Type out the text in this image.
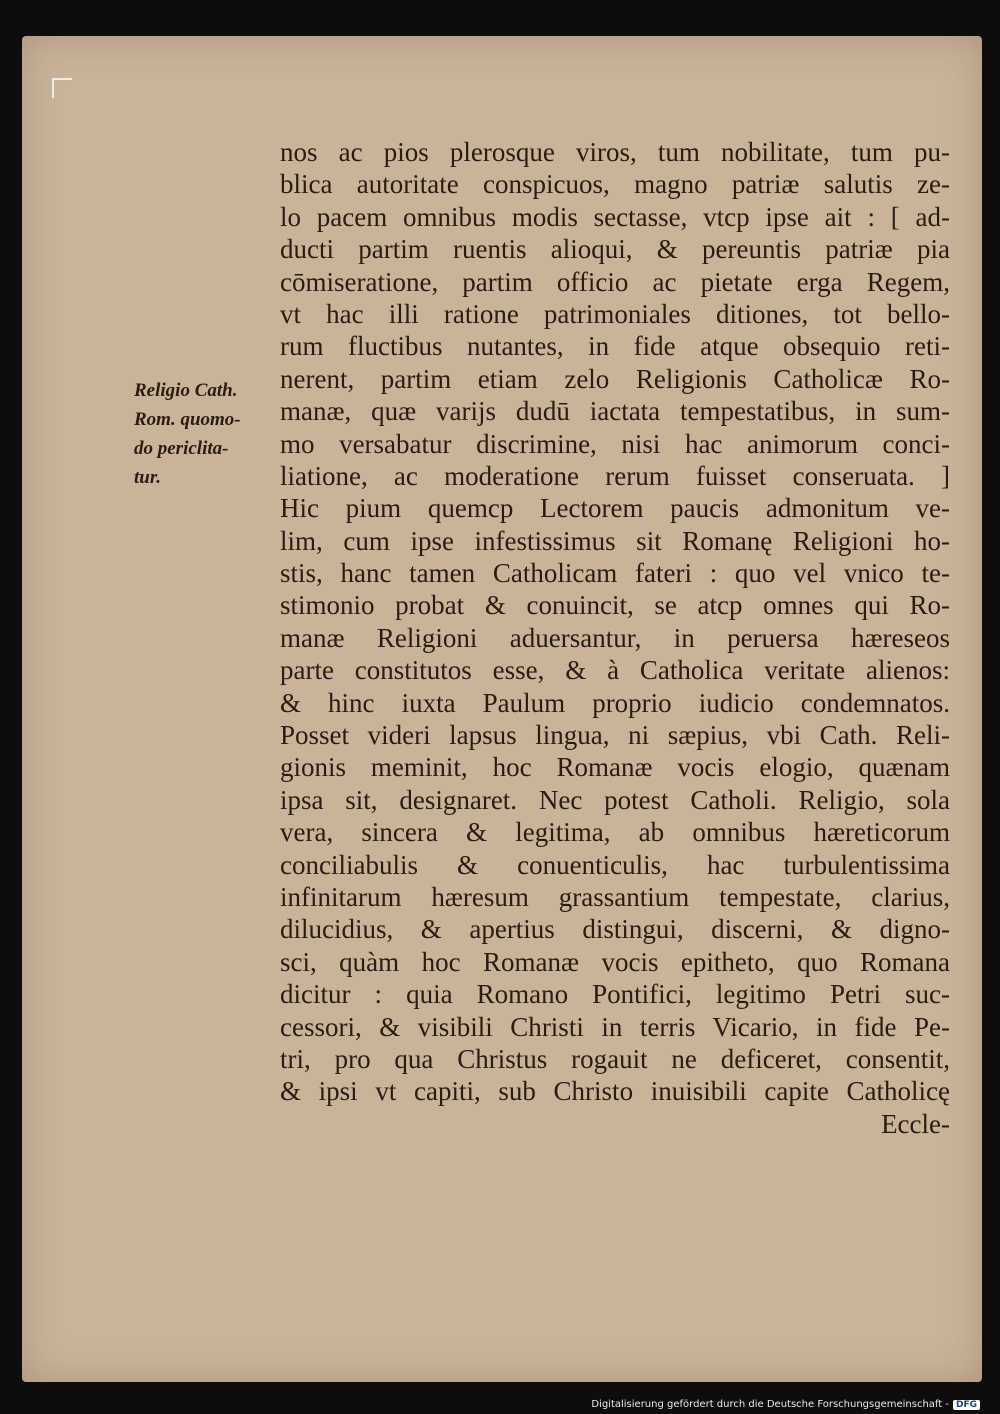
Religio Cath.
Rom. quomo-
do periclita-
tur.
nos ac pios plerosque viros, tum nobilitate, tum pu-
blica autoritate conspicuos, magno patriæ salutis ze-
lo pacem omnibus modis sectasse, vtcp ipse ait : [ ad-
ducti partim ruentis alioqui, & pereuntis patriæ pia
cōmiseratione, partim officio ac pietate erga Regem,
vt hac illi ratione patrimoniales ditiones, tot bello-
rum fluctibus nutantes, in fide atque obsequio reti-
nerent, partim etiam zelo Religionis Catholicæ Ro-
manæ, quæ varijs dudū iactata tempestatibus, in sum-
mo versabatur discrimine, nisi hac animorum conci-
liatione, ac moderatione rerum fuisset conseruata. ]
Hic pium quemcp Lectorem paucis admonitum ve-
lim, cum ipse infestissimus sit Romanę Religioni ho-
stis, hanc tamen Catholicam fateri : quo vel vnico te-
stimonio probat & conuincit, se atcp omnes qui Ro-
manæ Religioni aduersantur, in peruersa hæreseos
parte constitutos esse, & à Catholica veritate alienos:
& hinc iuxta Paulum proprio iudicio condemnatos.
Posset videri lapsus lingua, ni sæpius, vbi Cath. Reli-
gionis meminit, hoc Romanæ vocis elogio, quænam
ipsa sit, designaret. Nec potest Catholi. Religio, sola
vera, sincera & legitima, ab omnibus hæreticorum
conciliabulis & conuenticulis, hac turbulentissima
infinitarum hæresum grassantium tempestate, clarius,
dilucidius, & apertius distingui, discerni, & digno-
sci, quàm hoc Romanæ vocis epitheto, quo Romana
dicitur : quia Romano Pontifici, legitimo Petri suc-
cessori, & visibili Christi in terris Vicario, in fide Pe-
tri, pro qua Christus rogauit ne deficeret, consentit,
& ipsi vt capiti, sub Christo inuisibili capite Catholicę
Eccle-
Digitalisierung gefördert durch die Deutsche Forschungsgemeinschaft - DFG
